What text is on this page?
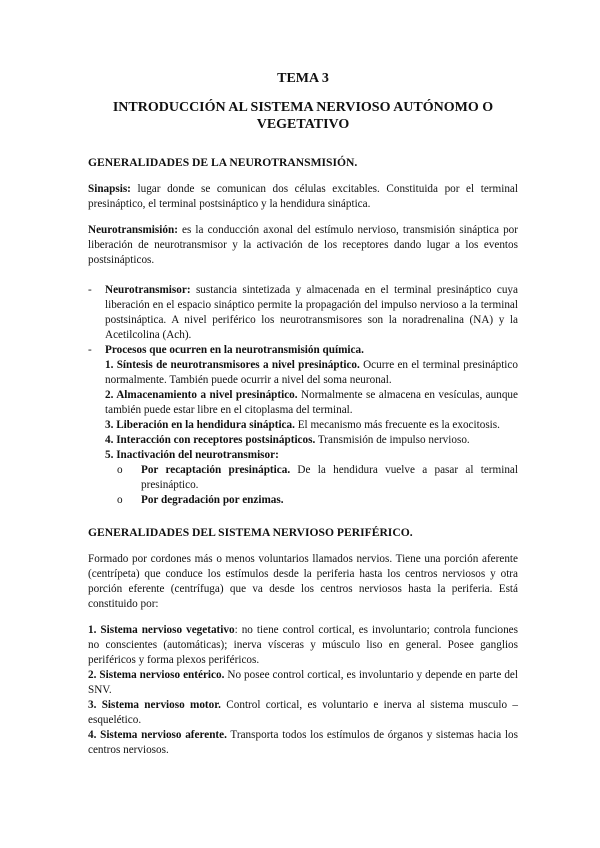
TEMA 3

INTRODUCCIÓN AL SISTEMA NERVIOSO AUTÓNOMO O VEGETATIVO

GENERALIDADES DE LA NEUROTRANSMISIÓN.

Sinapsis: lugar donde se comunican dos células excitables. Constituida por el terminal presináptico, el terminal postsináptico y la hendidura sináptica.

Neurotransmisión: es la conducción axonal del estímulo nervioso, transmisión sináptica por liberación de neurotransmisor y la activación de los receptores dando lugar a los eventos postsinápticos.

- Neurotransmisor: sustancia sintetizada y almacenada en el terminal presináptico cuya liberación en el espacio sináptico permite la propagación del impulso nervioso a la terminal postsináptica. A nivel periférico los neurotransmisores son la noradrenalina (NA) y la Acetilcolina (Ach).

- Procesos que ocurren en la neurotransmisión química.

1. Síntesis de neurotransmisores a nivel presináptico. Ocurre en el terminal presináptico normalmente. También puede ocurrir a nivel del soma neuronal.

2. Almacenamiento a nivel presináptico. Normalmente se almacena en vesículas, aunque también puede estar libre en el citoplasma del terminal.

3. Liberación en la hendidura sináptica. El mecanismo más frecuente es la exocitosis.

4. Interacción con receptores postsinápticos. Transmisión de impulso nervioso.

5. Inactivación del neurotransmisor:

o Por recaptación presináptica. De la hendidura vuelve a pasar al terminal presináptico.

o Por degradación por enzimas.

GENERALIDADES DEL SISTEMA NERVIOSO PERIFÉRICO.

Formado por cordones más o menos voluntarios llamados nervios. Tiene una porción aferente (centrípeta) que conduce los estímulos desde la periferia hasta los centros nerviosos y otra porción eferente (centrífuga) que va desde los centros nerviosos hasta la periferia. Está constituido por:

1. Sistema nervioso vegetativo: no tiene control cortical, es involuntario; controla funciones no conscientes (automáticas); inerva vísceras y músculo liso en general. Posee ganglios periféricos y forma plexos periféricos.

2. Sistema nervioso entérico. No posee control cortical, es involuntario y depende en parte del SNV.

3. Sistema nervioso motor. Control cortical, es voluntario e inerva al sistema musculo – esquelético.

4. Sistema nervioso aferente. Transporta todos los estímulos de órganos y sistemas hacia los centros nerviosos.
